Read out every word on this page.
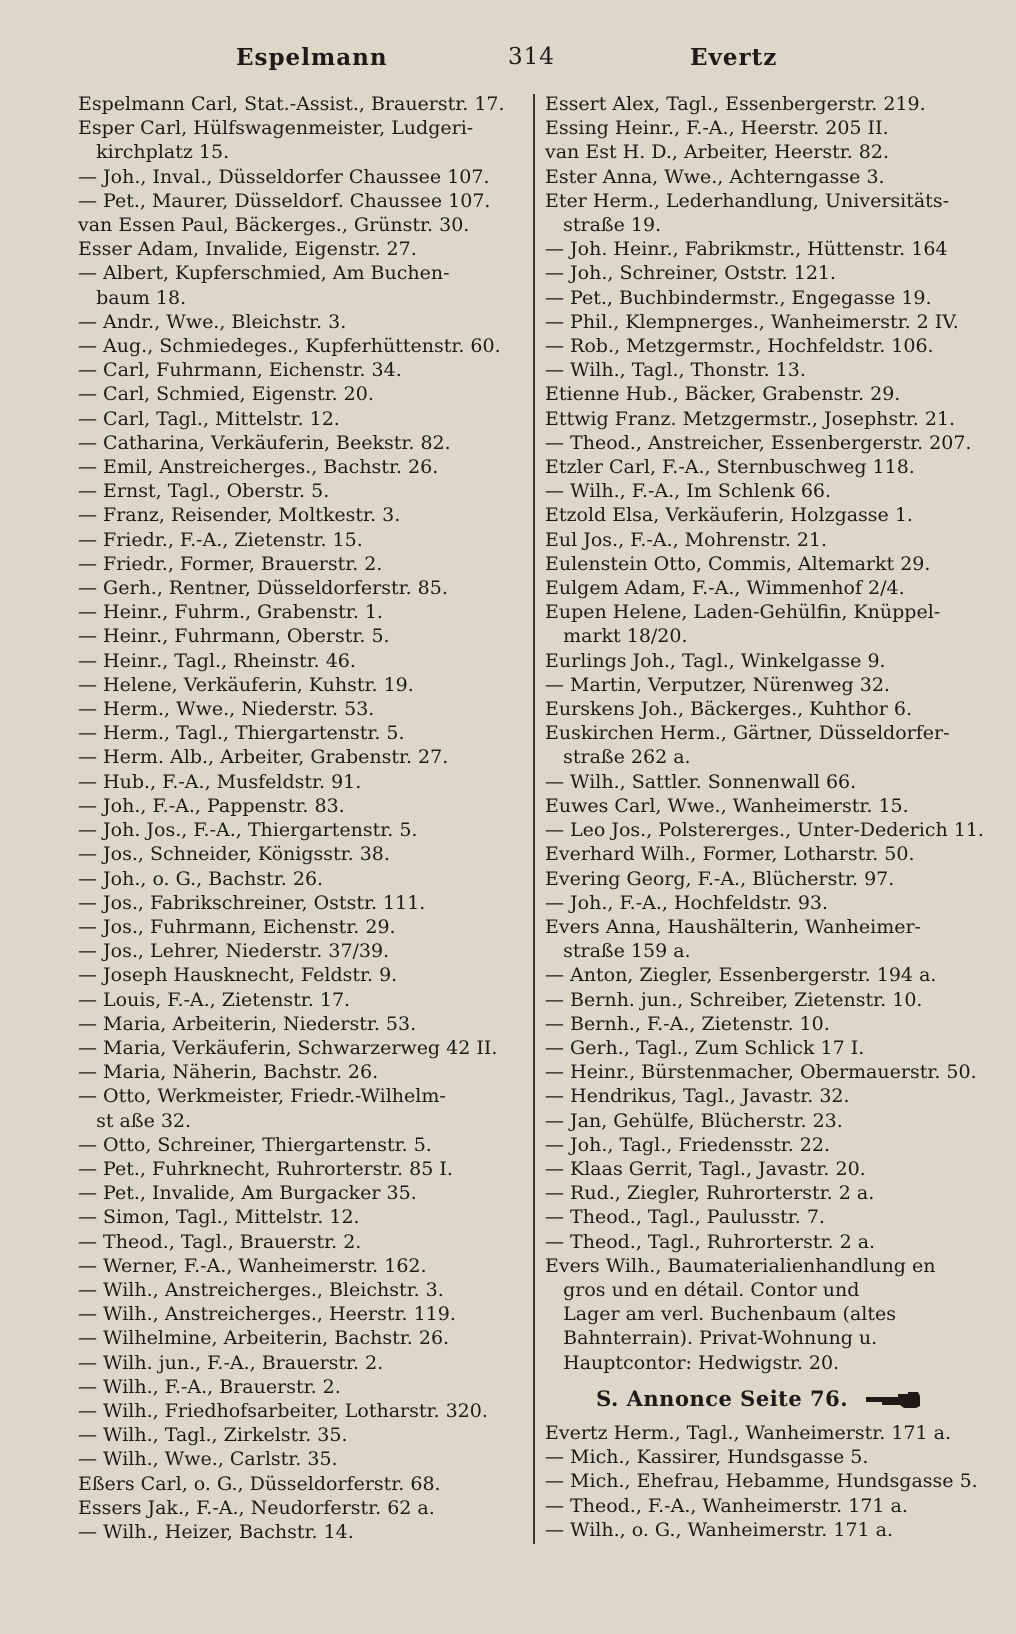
Espelmann	314	Evertz

Espelmann Carl, Stat.-Assist., Brauerstr. 17.

Esper Carl, Hülfswagenmeister, Ludgeri-

kirchplatz 15.

— Joh., Inval., Düsseldorfer Chaussee 107.

— Pet., Maurer, Düsseldorf. Chaussee 107.

van Essen Paul, Bäckerges., Grünstr. 30.

Esser Adam, Invalide, Eigenstr. 27.

— Albert, Kupferschmied, Am Buchen-

baum 18.

— Andr., Wwe., Bleichstr. 3.

— Aug., Schmiedeges., Kupferhüttenstr. 60.

— Carl, Fuhrmann, Eichenstr. 34.

— Carl, Schmied, Eigenstr. 20.

— Carl, Tagl., Mittelstr. 12.

— Catharina, Verkäuferin, Beekstr. 82.

— Emil, Anstreicherges., Bachstr. 26.

— Ernst, Tagl., Oberstr. 5.

— Franz, Reisender, Moltkestr. 3.

— Friedr., F.-A., Zietenstr. 15.

— Friedr., Former, Brauerstr. 2.

— Gerh., Rentner, Düsseldorferstr. 85.

— Heinr., Fuhrm., Grabenstr. 1.

— Heinr., Fuhrmann, Oberstr. 5.

— Heinr., Tagl., Rheinstr. 46.

— Helene, Verkäuferin, Kuhstr. 19.

— Herm., Wwe., Niederstr. 53.

— Herm., Tagl., Thiergartenstr. 5.

— Herm. Alb., Arbeiter, Grabenstr. 27.

— Hub., F.-A., Musfeldstr. 91.

— Joh., F.-A., Pappenstr. 83.

— Joh. Jos., F.-A., Thiergartenstr. 5.

— Jos., Schneider, Königsstr. 38.

— Joh., o. G., Bachstr. 26.

— Jos., Fabrikschreiner, Oststr. 111.

— Jos., Fuhrmann, Eichenstr. 29.

— Jos., Lehrer, Niederstr. 37/39.

— Joseph Hausknecht, Feldstr. 9.

— Louis, F.-A., Zietenstr. 17.

— Maria, Arbeiterin, Niederstr. 53.

— Maria, Verkäuferin, Schwarzerweg 42 II.

— Maria, Näherin, Bachstr. 26.

— Otto, Werkmeister, Friedr.-Wilhelm-

st aße 32.

— Otto, Schreiner, Thiergartenstr. 5.

— Pet., Fuhrknecht, Ruhrorterstr. 85 I.

— Pet., Invalide, Am Burgacker 35.

— Simon, Tagl., Mittelstr. 12.

— Theod., Tagl., Brauerstr. 2.

— Werner, F.-A., Wanheimerstr. 162.

— Wilh., Anstreicherges., Bleichstr. 3.

— Wilh., Anstreicherges., Heerstr. 119.

— Wilhelmine, Arbeiterin, Bachstr. 26.

— Wilh. jun., F.-A., Brauerstr. 2.

— Wilh., F.-A., Brauerstr. 2.

— Wilh., Friedhofsarbeiter, Lotharstr. 320.

— Wilh., Tagl., Zirkelstr. 35.

— Wilh., Wwe., Carlstr. 35.

Eßers Carl, o. G., Düsseldorferstr. 68.

Essers Jak., F.-A., Neudorferstr. 62 a.

— Wilh., Heizer, Bachstr. 14.

Essert Alex, Tagl., Essenbergerstr. 219.

Essing Heinr., F.-A., Heerstr. 205 II.

van Est H. D., Arbeiter, Heerstr. 82.

Ester Anna, Wwe., Achterngasse 3.

Eter Herm., Lederhandlung, Universitäts-

straße 19.

— Joh. Heinr., Fabrikmstr., Hüttenstr. 164

— Joh., Schreiner, Oststr. 121.

— Pet., Buchbindermstr., Engegasse 19.

— Phil., Klempnerges., Wanheimerstr. 2 IV.

— Rob., Metzgermstr., Hochfeldstr. 106.

— Wilh., Tagl., Thonstr. 13.

Etienne Hub., Bäcker, Grabenstr. 29.

Ettwig Franz. Metzgermstr., Josephstr. 21.

— Theod., Anstreicher, Essenbergerstr. 207.

Etzler Carl, F.-A., Sternbuschweg 118.

— Wilh., F.-A., Im Schlenk 66.

Etzold Elsa, Verkäuferin, Holzgasse 1.

Eul Jos., F.-A., Mohrenstr. 21.

Eulenstein Otto, Commis, Altemarkt 29.

Eulgem Adam, F.-A., Wimmenhof 2/4.

Eupen Helene, Laden-Gehülfin, Knüppel-

markt 18/20.

Eurlings Joh., Tagl., Winkelgasse 9.

— Martin, Verputzer, Nürenweg 32.

Eurskens Joh., Bäckerges., Kuhthor 6.

Euskirchen Herm., Gärtner, Düsseldorfer-

straße 262 a.

— Wilh., Sattler. Sonnenwall 66.

Euwes Carl, Wwe., Wanheimerstr. 15.

— Leo Jos., Polstererges., Unter-Dederich 11.

Everhard Wilh., Former, Lotharstr. 50.

Evering Georg, F.-A., Blücherstr. 97.

— Joh., F.-A., Hochfeldstr. 93.

Evers Anna, Haushälterin, Wanheimer-

straße 159 a.

— Anton, Ziegler, Essenbergerstr. 194 a.

— Bernh. jun., Schreiber, Zietenstr. 10.

— Bernh., F.-A., Zietenstr. 10.

— Gerh., Tagl., Zum Schlick 17 I.

— Heinr., Bürstenmacher, Obermauerstr. 50.

— Hendrikus, Tagl., Javastr. 32.

— Jan, Gehülfe, Blücherstr. 23.

— Joh., Tagl., Friedensstr. 22.

— Klaas Gerrit, Tagl., Javastr. 20.

— Rud., Ziegler, Ruhrorterstr. 2 a.

— Theod., Tagl., Paulusstr. 7.

— Theod., Tagl., Ruhrorterstr. 2 a.

Evers Wilh., Baumaterialienhandlung en

gros und en détail. Contor und

Lager am verl. Buchenbaum (altes

Bahnterrain). Privat-Wohnung u.

Hauptcontor: Hedwigstr. 20.

S. Annonce Seite 76.

Evertz Herm., Tagl., Wanheimerstr. 171 a.

— Mich., Kassirer, Hundsgasse 5.

— Mich., Ehefrau, Hebamme, Hundsgasse 5.

— Theod., F.-A., Wanheimerstr. 171 a.

— Wilh., o. G., Wanheimerstr. 171 a.
